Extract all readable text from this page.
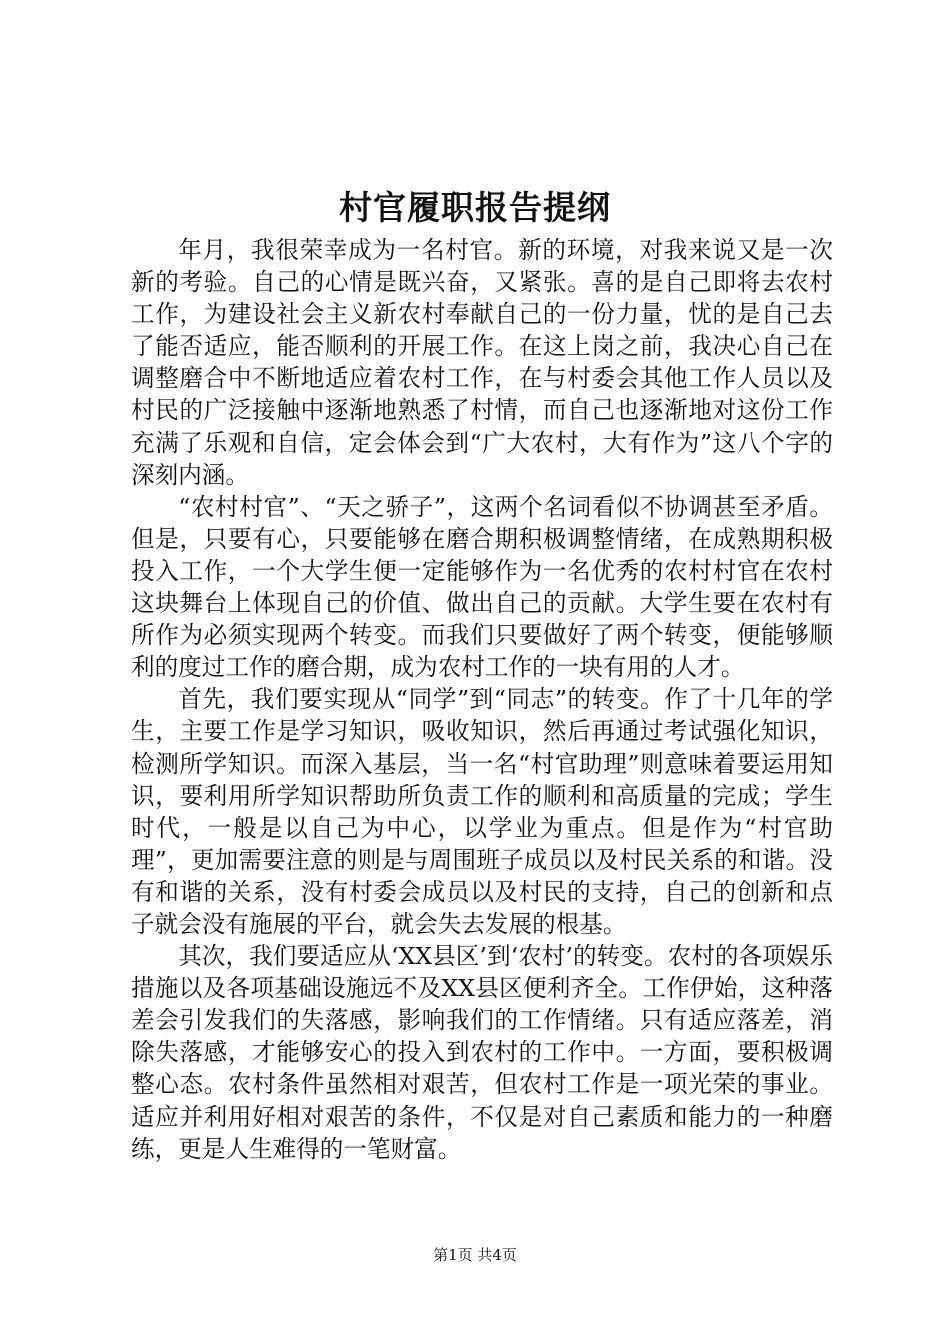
村官履职报告提纲

年月，我很荣幸成为一名村官。新的环境，对我来说又是一次新的考验。自己的心情是既兴奋，又紧张。喜的是自己即将去农村工作，为建设社会主义新农村奉献自己的一份力量，忧的是自己去了能否适应，能否顺利的开展工作。在这上岗之前，我决心自己在调整磨合中不断地适应着农村工作，在与村委会其他工作人员以及村民的广泛接触中逐渐地熟悉了村情，而自己也逐渐地对这份工作充满了乐观和自信，定会体会到“广大农村，大有作为”这八个字的深刻内涵。

“农村村官”、“天之骄子”，这两个名词看似不协调甚至矛盾。但是，只要有心，只要能够在磨合期积极调整情绪，在成熟期积极投入工作，一个大学生便一定能够作为一名优秀的农村村官在农村这块舞台上体现自己的价值、做出自己的贡献。大学生要在农村有所作为必须实现两个转变。而我们只要做好了两个转变，便能够顺利的度过工作的磨合期，成为农村工作的一块有用的人才。

首先，我们要实现从“同学”到“同志”的转变。作了十几年的学生，主要工作是学习知识，吸收知识，然后再通过考试强化知识，检测所学知识。而深入基层，当一名“村官助理”则意味着要运用知识，要利用所学知识帮助所负责工作的顺利和高质量的完成；学生时代，一般是以自己为中心，以学业为重点。但是作为“村官助理”，更加需要注意的则是与周围班子成员以及村民关系的和谐。没有和谐的关系，没有村委会成员以及村民的支持，自己的创新和点子就会没有施展的平台，就会失去发展的根基。

其次，我们要适应从‘XX县区’到‘农村’的转变。农村的各项娱乐措施以及各项基础设施远不及XX县区便利齐全。工作伊始，这种落差会引发我们的失落感，影响我们的工作情绪。只有适应落差，消除失落感，才能够安心的投入到农村的工作中。一方面，要积极调整心态。农村条件虽然相对艰苦，但农村工作是一项光荣的事业。适应并利用好相对艰苦的条件，不仅是对自己素质和能力的一种磨练，更是人生难得的一笔财富。

第1页 共4页
